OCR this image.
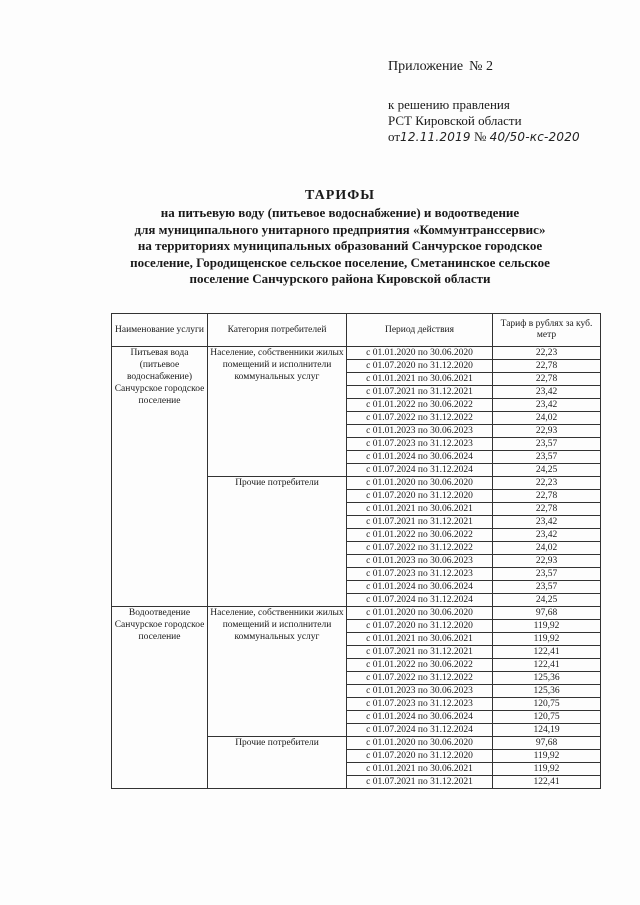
Приложение № 2
к решению правления
РСТ Кировской области
от12.11.2019 № 40/50-кс-2020
ТАРИФЫ
на питьевую воду (питьевое водоснабжение) и водоотведение
для муниципального унитарного предприятия «Коммунтранссервис»
на территориях муниципальных образований Санчурское городское
поселение, Городищенское сельское поселение, Сметанинское сельское
поселение Санчурского района Кировской области
Наименование услуги	Категория потребителей	Период действия	Тариф в рублях за куб. метр
Питьевая вода (питьевое водоснабжение) Санчурское городское поселение	Население, собственники жилых помещений и исполнители коммунальных услуг	с 01.01.2020 по 30.06.2020	22,23
		с 01.07.2020 по 31.12.2020	22,78
		с 01.01.2021 по 30.06.2021	22,78
		с 01.07.2021 по 31.12.2021	23,42
		с 01.01.2022 по 30.06.2022	23,42
		с 01.07.2022 по 31.12.2022	24,02
		с 01.01.2023 по 30.06.2023	22,93
		с 01.07.2023 по 31.12.2023	23,57
		с 01.01.2024 по 30.06.2024	23,57
		с 01.07.2024 по 31.12.2024	24,25
	Прочие потребители	с 01.01.2020 по 30.06.2020	22,23
		с 01.07.2020 по 31.12.2020	22,78
		с 01.01.2021 по 30.06.2021	22,78
		с 01.07.2021 по 31.12.2021	23,42
		с 01.01.2022 по 30.06.2022	23,42
		с 01.07.2022 по 31.12.2022	24,02
		с 01.01.2023 по 30.06.2023	22,93
		с 01.07.2023 по 31.12.2023	23,57
		с 01.01.2024 по 30.06.2024	23,57
		с 01.07.2024 по 31.12.2024	24,25
Водоотведение Санчурское городское поселение	Население, собственники жилых помещений и исполнители коммунальных услуг	с 01.01.2020 по 30.06.2020	97,68
		с 01.07.2020 по 31.12.2020	119,92
		с 01.01.2021 по 30.06.2021	119,92
		с 01.07.2021 по 31.12.2021	122,41
		с 01.01.2022 по 30.06.2022	122,41
		с 01.07.2022 по 31.12.2022	125,36
		с 01.01.2023 по 30.06.2023	125,36
		с 01.07.2023 по 31.12.2023	120,75
		с 01.01.2024 по 30.06.2024	120,75
		с 01.07.2024 по 31.12.2024	124,19
	Прочие потребители	с 01.01.2020 по 30.06.2020	97,68
		с 01.07.2020 по 31.12.2020	119,92
		с 01.01.2021 по 30.06.2021	119,92
		с 01.07.2021 по 31.12.2021	122,41
